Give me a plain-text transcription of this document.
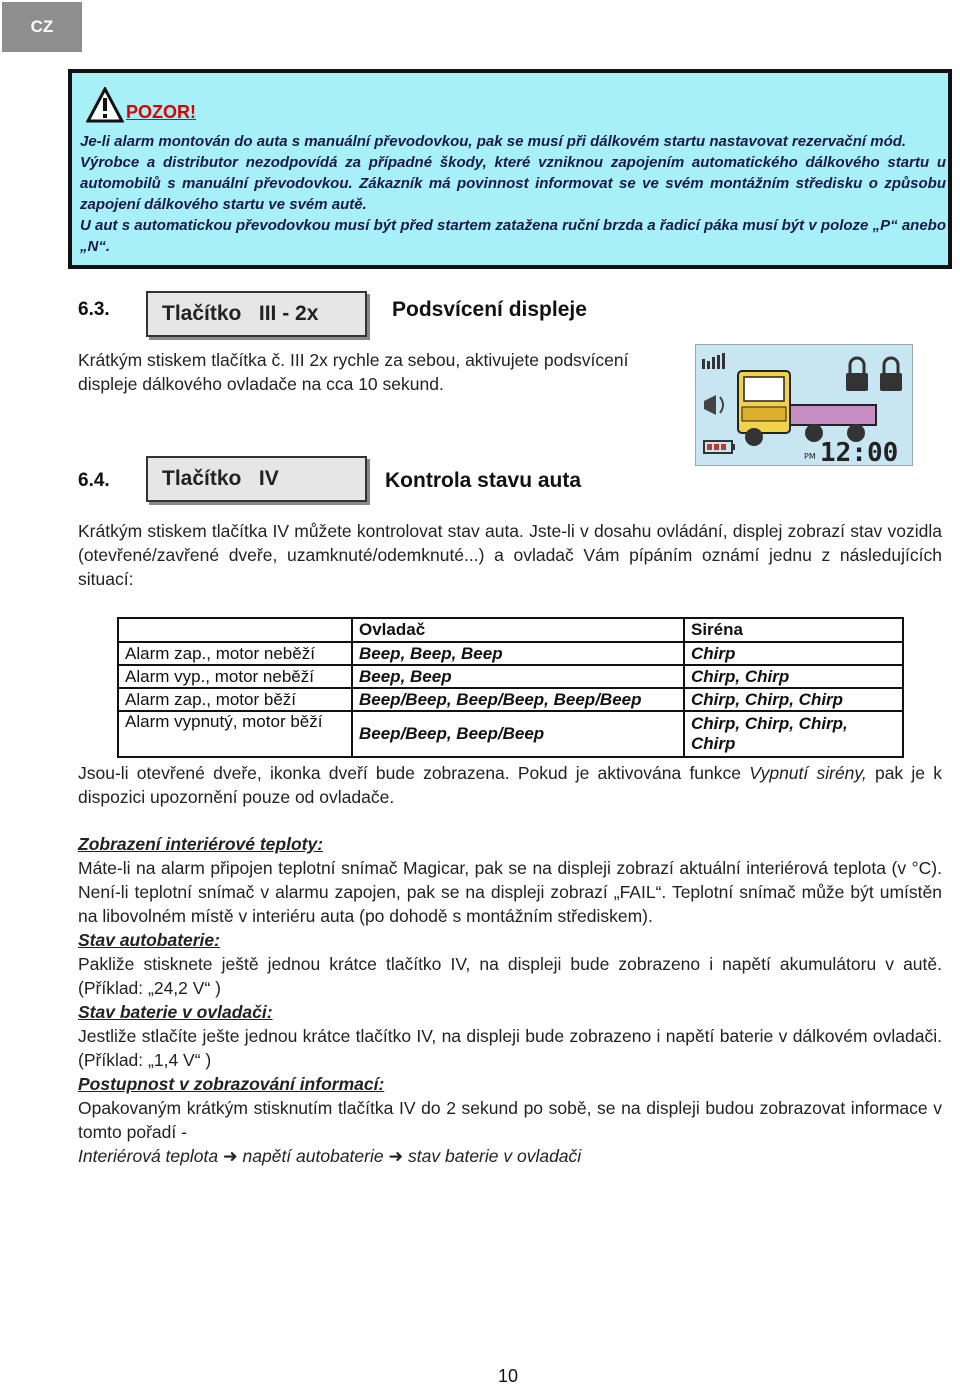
CZ
POZOR!

Je-li alarm montován do auta s manuální převodovkou, pak se musí při dálkovém startu nastavovat rezervační mód.

Výrobce a distributor nezodpovídá za případné škody, které vzniknou zapojením automatického dálkového startu u automobilů s manuální převodovkou. Zákazník má povinnost informovat se ve svém montážním středisku o způsobu zapojení dálkového startu ve svém autě.

U aut s automatickou převodovkou musí být před startem zatažena ruční brzda a řadicí páka musí být v poloze „P“ anebo „N“.

6.3.	Tlačítko   III - 2x	Podsvícení displeje

Krátkým stiskem tlačítka č. III 2x rychle za sebou, aktivujete podsvícení displeje dálkového ovladače na cca 10 sekund.

PM 12:00
6.4.	Tlačítko   IV	Kontrola stavu auta

Krátkým stiskem tlačítka IV můžete kontrolovat stav auta. Jste-li v dosahu ovládání, displej zobrazí stav vozidla (otevřené/zavřené dveře, uzamknuté/odemknuté...) a ovladač Vám pípáním oznámí jednu z následujících situací:

	Ovladač	Siréna
Alarm zap., motor neběží	Beep, Beep, Beep	Chirp
Alarm vyp., motor neběží	Beep, Beep	Chirp, Chirp
Alarm zap., motor běží	Beep/Beep, Beep/Beep, Beep/Beep	Chirp, Chirp, Chirp
Alarm vypnutý, motor běží	Beep/Beep, Beep/Beep	Chirp, Chirp, Chirp, Chirp

Jsou-li otevřené dveře, ikonka dveří bude zobrazena. Pokud je aktivována funkce Vypnutí sirény, pak je k dispozici upozornění pouze od ovladače.

Zobrazení interiérové teploty:

Máte-li na alarm připojen teplotní snímač Magicar, pak se na displeji zobrazí aktuální interiérová teplota (v °C). Není-li teplotní snímač v alarmu zapojen, pak se na displeji zobrazí „FAIL“. Teplotní snímač může být umístěn na libovolném místě v interiéru auta (po dohodě s montážním střediskem).

Stav autobaterie:

Pakliže stisknete ještě jednou krátce tlačítko IV, na displeji bude zobrazeno i napětí akumulátoru v autě. (Příklad: „24,2 V“ )

Stav baterie v ovladači:

Jestliže stlačíte ješte jednou krátce tlačítko IV, na displeji bude zobrazeno i napětí baterie v dálkovém ovladači. (Příklad: „1,4 V“ )

Postupnost v zobrazování informací:

Opakovaným krátkým stisknutím tlačítka IV do 2 sekund po sobě, se na displeji budou zobrazovat informace v tomto pořadí -

Interiérová teplota ➜ napětí autobaterie ➜ stav baterie v ovladači

10
